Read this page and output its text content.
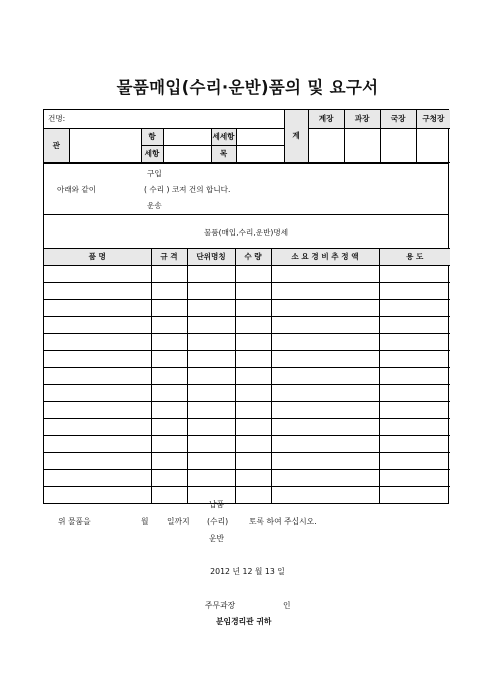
물품매입(수리·운반)품의 및 요구서
건명:						계	계장	과장	국장	구청장
관		항		세세항						
		세항		목						
구입
아래와 같이	( 수리 ) 코져 건의 합니다.
운송
물품(매입,수리,운반)명세
품 명	규 격	단위명칭	수 량	소 요 경 비 추 정 액	용 도

납품
위 물품을	월 일까지 (수리)	토록 하여 주십시오.
운반
2012 년 12 월 13 일
주무과장	인
분임경리관 귀하
